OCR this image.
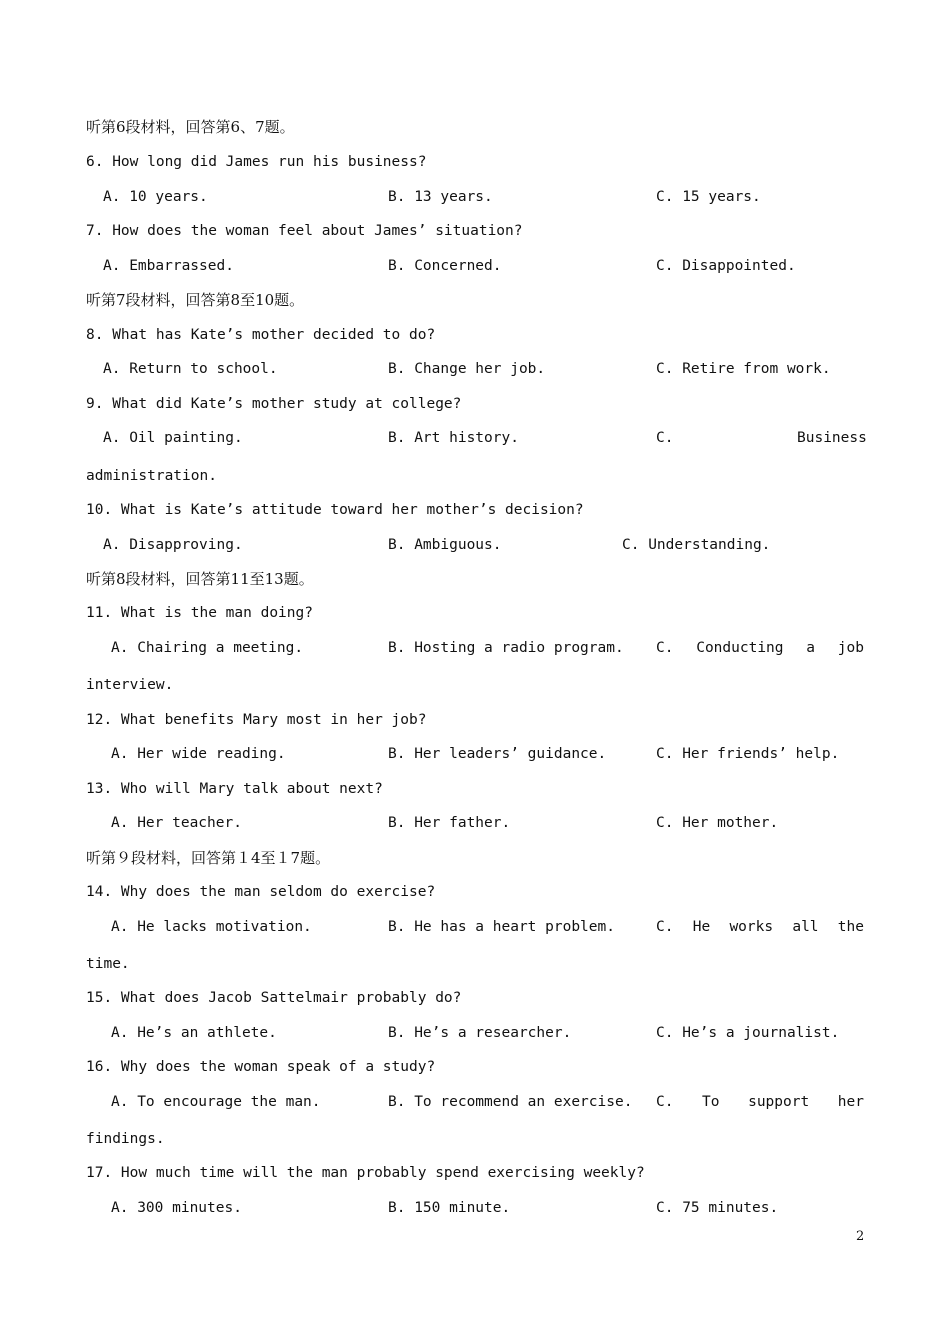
听第6段材料，回答第6、7题。
6. How long did James run his business?
A. 10 years.	B. 13 years.	C. 15 years.
7. How does the woman feel about James’ situation?
A. Embarrassed.	B. Concerned.	C. Disappointed.
听第7段材料，回答第8至10题。
8. What has Kate’s mother decided to do?
A. Return to school.	B. Change her job.	C. Retire from work.
9. What did Kate’s mother study at college?
A. Oil painting.	B. Art history.	C.	Business
administration.
10. What is Kate’s attitude toward her mother’s decision?
A. Disapproving.	B. Ambiguous.	C. Understanding.
听第8段材料，回答第11至13题。
11. What is the man doing?
A. Chairing a meeting.	B. Hosting a radio program. C. Conducting a job
interview.
12. What benefits Mary most in her job?
A. Her wide reading.	B. Her leaders’ guidance.	C. Her friends’ help.
13. Who will Mary talk about next?
A. Her teacher.	B. Her father.	C. Her mother.
听第９段材料，回答第１4至１7题。
14. Why does the man seldom do exercise?
A. He lacks motivation.	B. He has a heart problem.	C. He works all the
time.
15. What does Jacob Sattelmair probably do?
A. He’s an athlete.	B. He’s a researcher.	C. He’s a journalist.
16. Why does the woman speak of a study?
A. To encourage the man.	B. To recommend an exercise. C. To support her
findings.
17. How much time will the man probably spend exercising weekly?
A. 300 minutes.	B. 150 minute.	C. 75 minutes.
2
